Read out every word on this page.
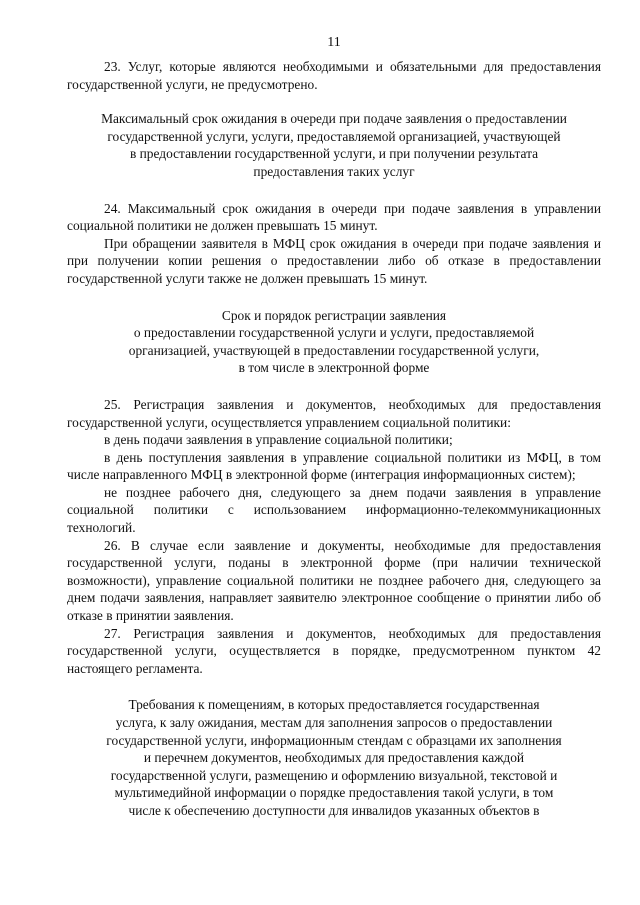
11

23. Услуг, которые являются необходимыми и обязательными для предоставления государственной услуги, не предусмотрено.

Максимальный срок ожидания в очереди при подаче заявления о предоставлении
государственной услуги, услуги, предоставляемой организацией, участвующей
в предоставлении государственной услуги, и при получении результата
предоставления таких услуг

24. Максимальный срок ожидания в очереди при подаче заявления в управлении социальной политики не должен превышать 15 минут.

При обращении заявителя в МФЦ срок ожидания в очереди при подаче заявления и при получении копии решения о предоставлении либо об отказе в предоставлении государственной услуги также не должен превышать 15 минут.

Срок и порядок регистрации заявления
о предоставлении государственной услуги и услуги, предоставляемой
организацией, участвующей в предоставлении государственной услуги,
в том числе в электронной форме

25. Регистрация заявления и документов, необходимых для предоставления государственной услуги, осуществляется управлением социальной политики:

в день подачи заявления в управление социальной политики;

в день поступления заявления в управление социальной политики из МФЦ, в том числе направленного МФЦ в электронной форме (интеграция информационных систем);

не позднее рабочего дня, следующего за днем подачи заявления в управление социальной политики с использованием информационно-телекоммуникационных технологий.

26. В случае если заявление и документы, необходимые для предоставления государственной услуги, поданы в электронной форме (при наличии технической возможности), управление социальной политики не позднее рабочего дня, следующего за днем подачи заявления, направляет заявителю электронное сообщение о принятии либо об отказе в принятии заявления.

27. Регистрация заявления и документов, необходимых для предоставления государственной услуги, осуществляется в порядке, предусмотренном пунктом 42 настоящего регламента.

Требования к помещениям, в которых предоставляется государственная
услуга, к залу ожидания, местам для заполнения запросов о предоставлении
государственной услуги, информационным стендам с образцами их заполнения
и перечнем документов, необходимых для предоставления каждой
государственной услуги, размещению и оформлению визуальной, текстовой и
мультимедийной информации о порядке предоставления такой услуги, в том
числе к обеспечению доступности для инвалидов указанных объектов в
